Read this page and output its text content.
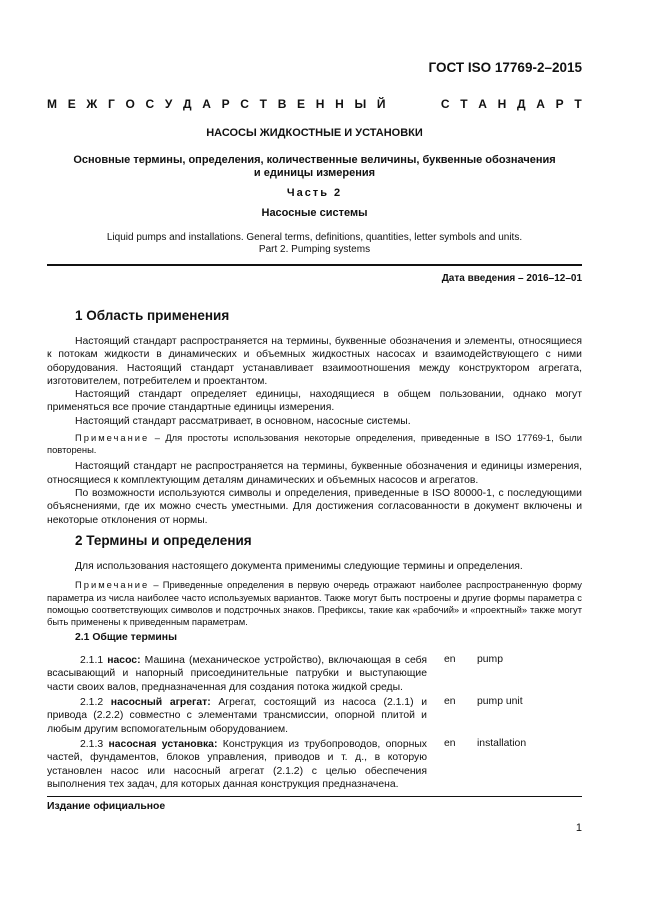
ГОСТ ISO 17769-2–2015
М Е Ж Г О С У Д А Р С Т В Е Н Н Ы Й	С Т А Н Д А Р Т
НАСОСЫ ЖИДКОСТНЫЕ И УСТАНОВКИ
Основные термины, определения, количественные величины, буквенные обозначения
и единицы измерения
Часть 2
Насосные системы
Liquid pumps and installations. General terms, definitions, quantities, letter symbols and units.
Part 2. Pumping systems
Дата введения – 2016–12–01
1 Область применения

Настоящий стандарт распространяется на термины, буквенные обозначения и элементы, относящиеся к потокам жидкости в динамических и объемных жидкостных насосах и взаимодействующего с ними оборудования. Настоящий стандарт устанавливает взаимоотношения между конструктором агрегата, изготовителем, потребителем и проектантом.

Настоящий стандарт определяет единицы, находящиеся в общем пользовании, однако могут применяться все прочие стандартные единицы измерения.

Настоящий стандарт рассматривает, в основном, насосные системы.

Примечание – Для простоты использования некоторые определения, приведенные в ISO 17769-1, были повторены.

Настоящий стандарт не распространяется на термины, буквенные обозначения и единицы измерения, относящиеся к комплектующим деталям динамических и объемных насосов и агрегатов.

По возможности используются символы и определения, приведенные в ISO 80000-1, с последующими объяснениями, где их можно счесть уместными. Для достижения согласованности в документ включены и некоторые отклонения от нормы.

2 Термины и определения

Для использования настоящего документа применимы следующие термины и определения.

Примечание – Приведенные определения в первую очередь отражают наиболее распространенную форму параметра из числа наиболее часто используемых вариантов. Также могут быть построены и другие формы параметра с помощью соответствующих символов и подстрочных знаков. Префиксы, такие как «рабочий» и «проектный» также могут быть применены к приведенным параметрам.

2.1 Общие термины

2.1.1 насос: Машина (механическое устройство), включающая в себя всасывающий и напорный присоединительные патрубки и выступающие части своих валов, предназначенная для создания потока жидкой среды.

en pump

2.1.2 насосный агрегат: Агрегат, состоящий из насоса (2.1.1) и привода (2.2.2) совместно с элементами трансмиссии, опорной плитой и любым другим вспомогательным оборудованием.

en pump unit

2.1.3 насосная установка: Конструкция из трубопроводов, опорных частей, фундаментов, блоков управления, приводов и т. д., в которую установлен насос или насосный агрегат (2.1.2) с целью обеспечения выполнения тех задач, для которых данная конструкция предназначена.

en installation
Издание официальное
1
